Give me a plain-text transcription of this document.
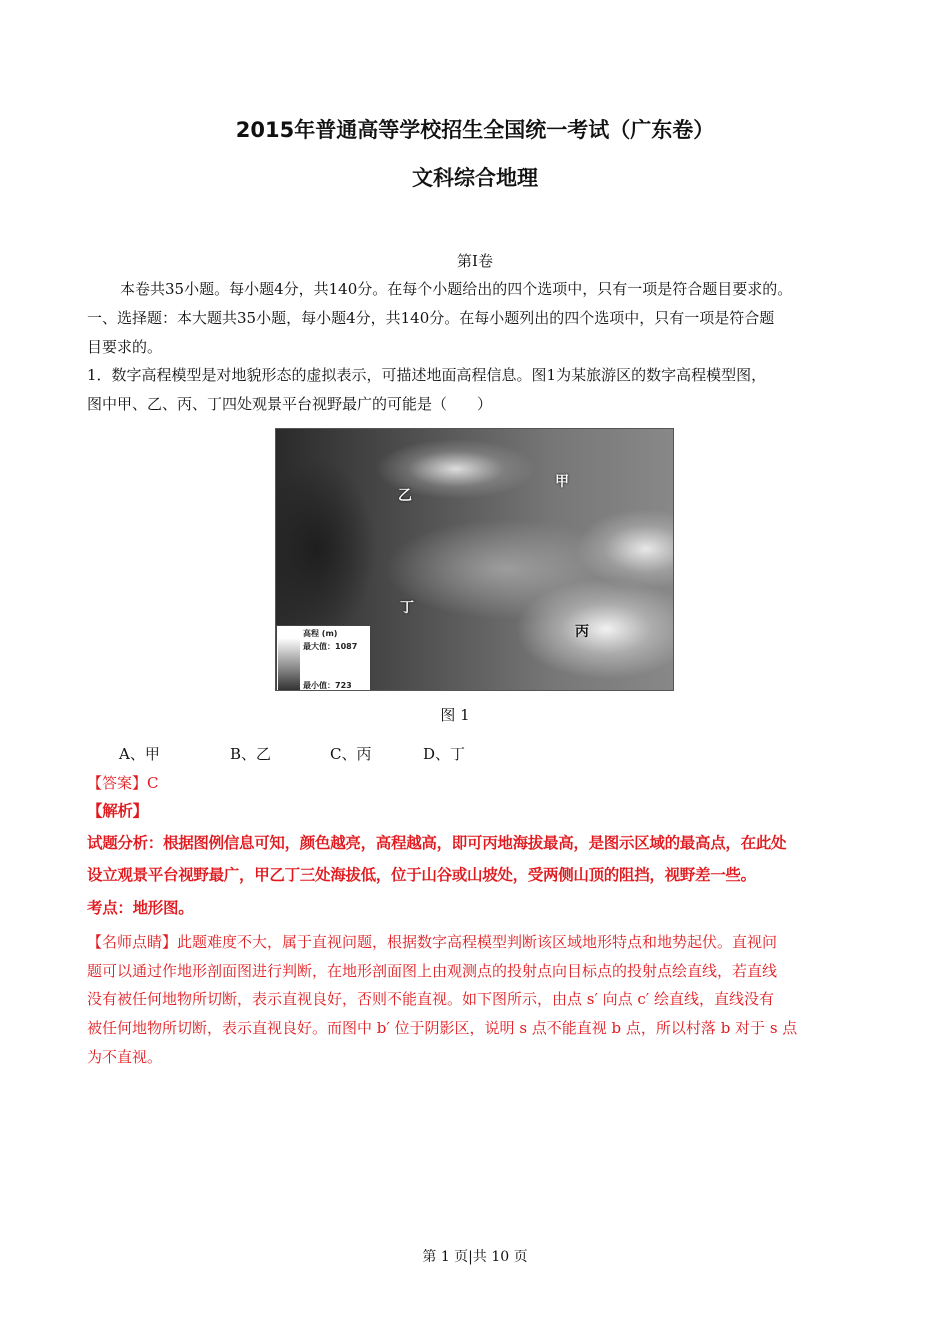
2015年普通高等学校招生全国统一考试（广东卷）
文科综合地理
第Ⅰ卷
本卷共35小题。每小题4分，共140分。在每个小题给出的四个选项中，只有一项是符合题目要求的。
一、选择题：本大题共35小题，每小题4分，共140分。在每小题列出的四个选项中，只有一项是符合题
目要求的。
1．数字高程模型是对地貌形态的虚拟表示，可描述地面高程信息。图1为某旅游区的数字高程模型图，
图中甲、乙、丙、丁四处观景平台视野最广的可能是（　　）
乙
甲
丁
丙
高程 (m)
最大值：1087
最小值：723
图 1
A、甲	B、乙	C、丙	D、丁
【答案】C
【解析】
试题分析：根据图例信息可知，颜色越亮，高程越高，即可丙地海拔最高，是图示区域的最高点，在此处
设立观景平台视野最广，甲乙丁三处海拔低，位于山谷或山坡处，受两侧山顶的阻挡，视野差一些。
考点：地形图。
【名师点睛】此题难度不大，属于直视问题，根据数字高程模型判断该区域地形特点和地势起伏。直视问
题可以通过作地形剖面图进行判断，在地形剖面图上由观测点的投射点向目标点的投射点绘直线，若直线
没有被任何地物所切断，表示直视良好，否则不能直视。如下图所示，由点 s′ 向点 c′ 绘直线，直线没有
被任何地物所切断，表示直视良好。而图中 b′ 位于阴影区，说明 s 点不能直视 b 点，所以村落 b 对于 s 点
为不直视。
第 1 页|共 10 页
